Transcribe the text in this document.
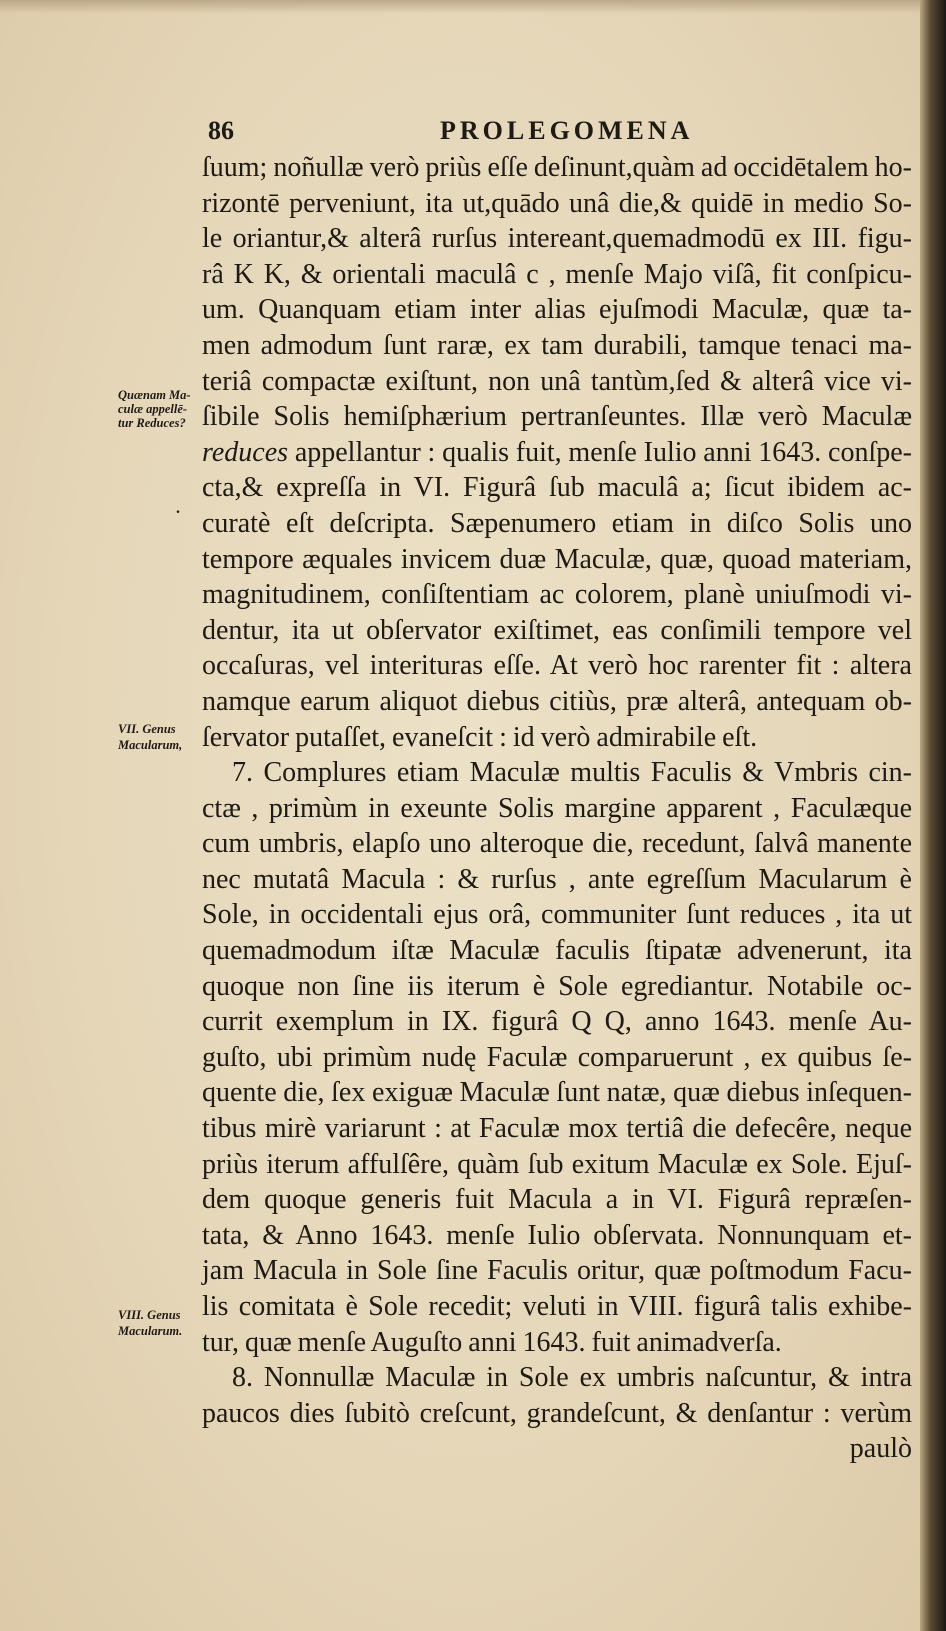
86	PROLEGOMENA
Quænam Ma-
culæ appellē-
tur Reduces?
VII. Genus
Macularum,
VIII. Genus
Macularum.
.
ſuum; noñullæ verò priùs eſſe deſinunt,quàm ad occidētalem ho-
rizontē perveniunt, ita ut,quādo unâ die,& quidē in medio So-
le oriantur,& alterâ rurſus intereant,quemadmodū ex III. figu-
râ K K, & orientali maculâ c , menſe Majo viſâ, fit conſpicu-
um. Quanquam etiam inter alias ejuſmodi Maculæ, quæ ta-
men admodum ſunt raræ, ex tam durabili, tamque tenaci ma-
teriâ compactæ exiſtunt, non unâ tantùm,ſed & alterâ vice vi-
ſibile Solis hemiſphærium pertranſeuntes. Illæ verò Maculæ
reduces appellantur : qualis fuit, menſe Iulio anni 1643. conſpe-
cta,& expreſſa in VI. Figurâ ſub maculâ a; ſicut ibidem ac-
curatè eſt deſcripta. Sæpenumero etiam in diſco Solis uno
tempore æquales invicem duæ Maculæ, quæ, quoad materiam,
magnitudinem, conſiſtentiam ac colorem, planè uniuſmodi vi-
dentur, ita ut obſervator exiſtimet, eas conſimili tempore vel
occaſuras, vel interituras eſſe. At verò hoc rarenter fit : altera
namque earum aliquot diebus citiùs, præ alterâ, antequam ob-
ſervator putaſſet, evaneſcit : id verò admirabile eſt.
7. Complures etiam Maculæ multis Faculis & Vmbris cin-
ctæ , primùm in exeunte Solis margine apparent , Faculæque
cum umbris, elapſo uno alteroque die, recedunt, ſalvâ manente
nec mutatâ Macula : & rurſus , ante egreſſum Macularum è
Sole, in occidentali ejus orâ, communiter ſunt reduces , ita ut
quemadmodum iſtæ Maculæ faculis ſtipatæ advenerunt, ita
quoque non ſine iis iterum è Sole egrediantur. Notabile oc-
currit exemplum in IX. figurâ Q Q, anno 1643. menſe Au-
guſto, ubi primùm nudę Faculæ comparuerunt , ex quibus ſe-
quente die, ſex exiguæ Maculæ ſunt natæ, quæ diebus inſequen-
tibus mirè variarunt : at Faculæ mox tertiâ die defecêre, neque
priùs iterum affulſêre, quàm ſub exitum Maculæ ex Sole. Ejuſ-
dem quoque generis fuit Macula a in VI. Figurâ repræſen-
tata, & Anno 1643. menſe Iulio obſervata. Nonnunquam et-
jam Macula in Sole ſine Faculis oritur, quæ poſtmodum Facu-
lis comitata è Sole recedit; veluti in VIII. figurâ talis exhibe-
tur, quæ menſe Auguſto anni 1643. fuit animadverſa.
8. Nonnullæ Maculæ in Sole ex umbris naſcuntur, & intra
paucos dies ſubitò creſcunt, grandeſcunt, & denſantur : verùm
paulò
